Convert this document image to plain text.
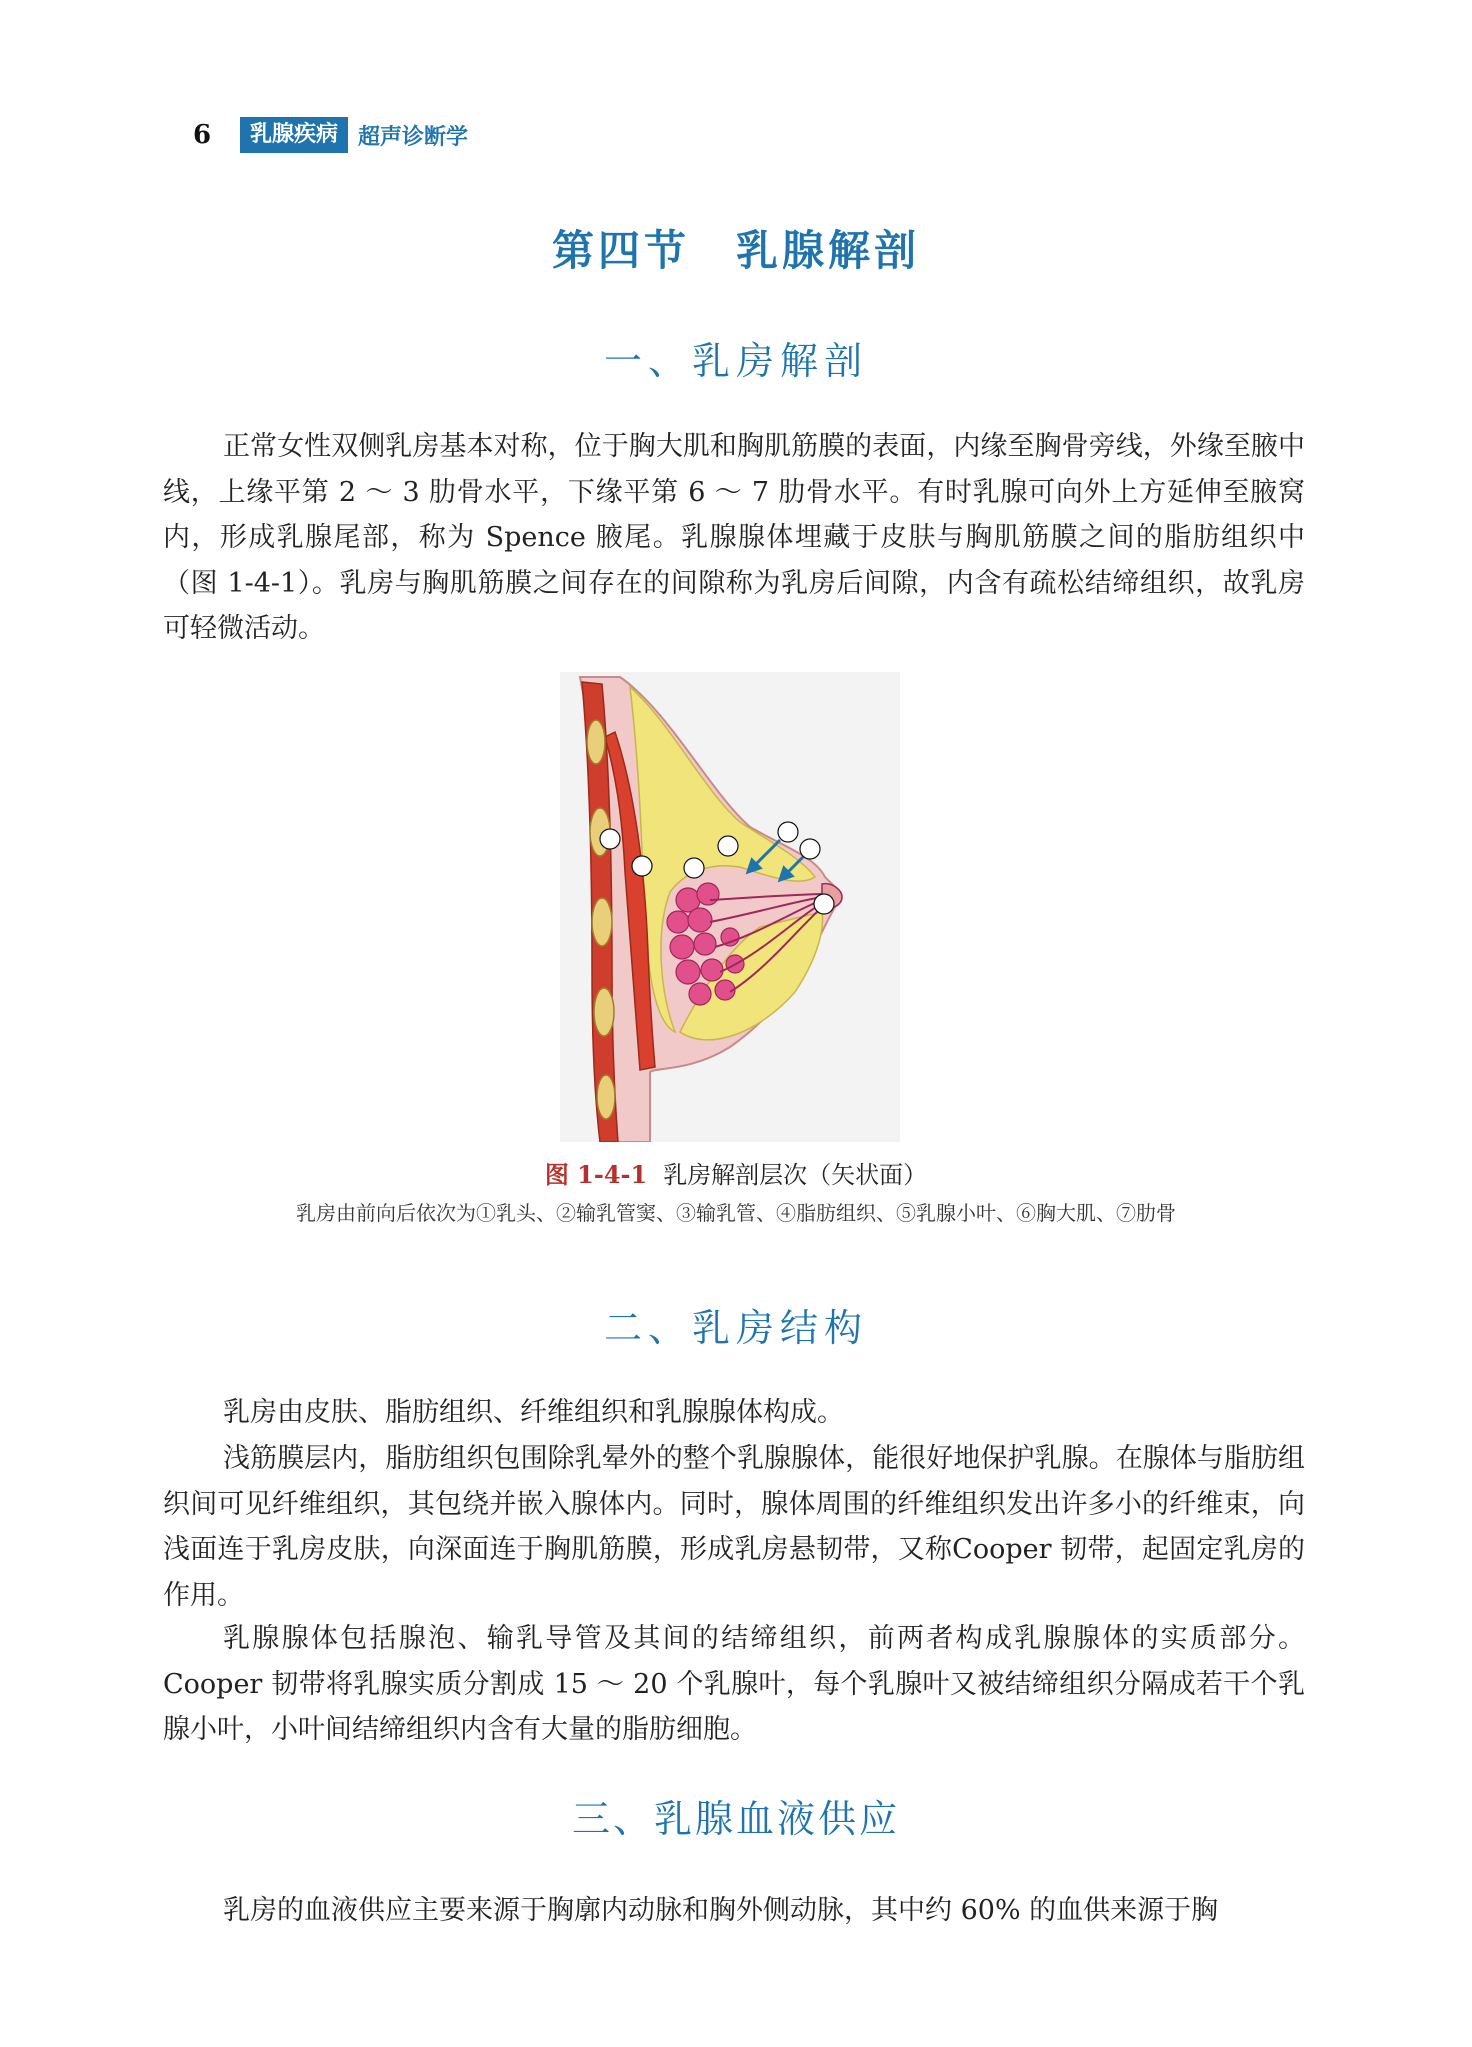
6	乳腺疾病 超声诊断学
第四节　乳腺解剖
一、乳房解剖

正常女性双侧乳房基本对称，位于胸大肌和胸肌筋膜的表面，内缘至胸骨旁线，外缘至腋中线，上缘平第 2 ～ 3 肋骨水平，下缘平第 6 ～ 7 肋骨水平。有时乳腺可向外上方延伸至腋窝内，形成乳腺尾部，称为 Spence 腋尾。乳腺腺体埋藏于皮肤与胸肌筋膜之间的脂肪组织中（图 1-4-1）。乳房与胸肌筋膜之间存在的间隙称为乳房后间隙，内含有疏松结缔组织，故乳房可轻微活动。

图 1-4-1 乳房解剖层次（矢状面）
乳房由前向后依次为①乳头、②输乳管窦、③输乳管、④脂肪组织、⑤乳腺小叶、⑥胸大肌、⑦肋骨
二、乳房结构

乳房由皮肤、脂肪组织、纤维组织和乳腺腺体构成。

浅筋膜层内，脂肪组织包围除乳晕外的整个乳腺腺体，能很好地保护乳腺。在腺体与脂肪组织间可见纤维组织，其包绕并嵌入腺体内。同时，腺体周围的纤维组织发出许多小的纤维束，向浅面连于乳房皮肤，向深面连于胸肌筋膜，形成乳房悬韧带，又称Cooper 韧带，起固定乳房的作用。

乳腺腺体包括腺泡、输乳导管及其间的结缔组织，前两者构成乳腺腺体的实质部分。Cooper 韧带将乳腺实质分割成 15 ～ 20 个乳腺叶，每个乳腺叶又被结缔组织分隔成若干个乳腺小叶，小叶间结缔组织内含有大量的脂肪细胞。

三、乳腺血液供应

乳房的血液供应主要来源于胸廓内动脉和胸外侧动脉，其中约 60% 的血供来源于胸
